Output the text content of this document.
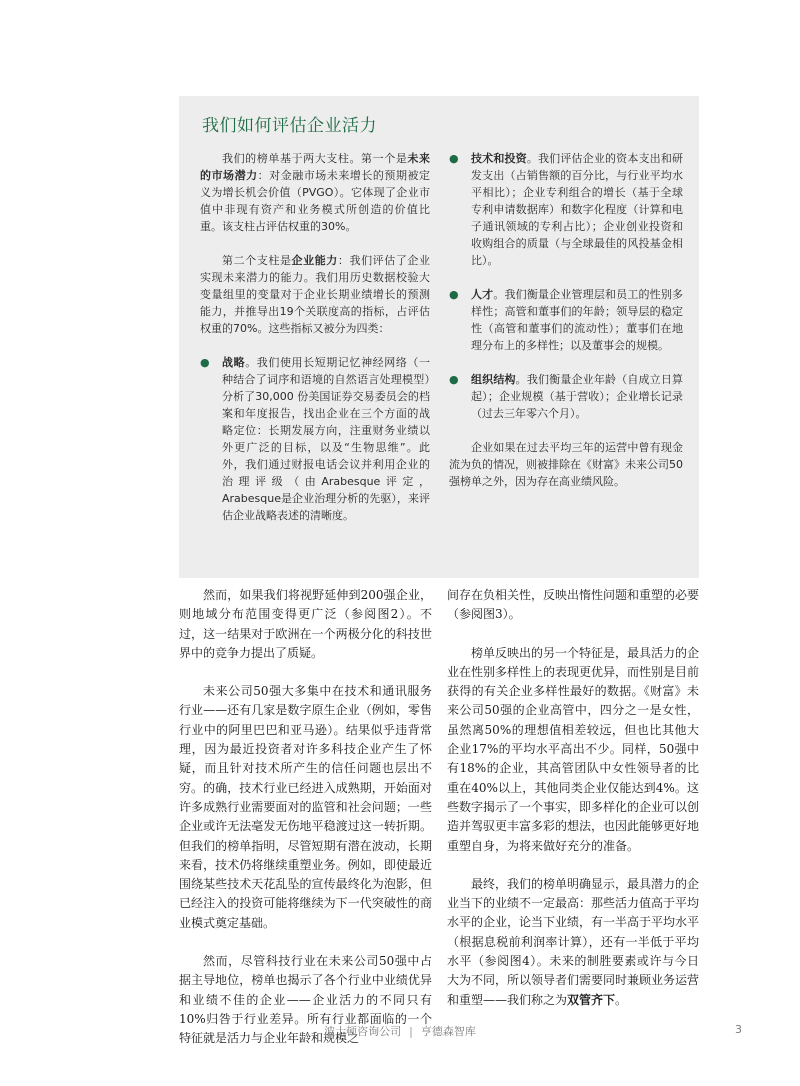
我们如何评估企业活力

我们的榜单基于两大支柱。第一个是未来的市场潜力：对金融市场未来增长的预期被定义为增长机会价值（PVGO）。它体现了企业市值中非现有资产和业务模式所创造的价值比重。该支柱占评估权重的30%。

第二个支柱是企业能力：我们评估了企业实现未来潜力的能力。我们用历史数据校验大变量组里的变量对于企业长期业绩增长的预测能力，并推导出19个关联度高的指标，占评估权重的70%。这些指标又被分为四类：

● 战略。我们使用长短期记忆神经网络（一种结合了词序和语境的自然语言处理模型）分析了30,000 份美国证券交易委员会的档案和年度报告，找出企业在三个方面的战略定位：长期发展方向，注重财务业绩以外更广泛的目标，以及“生物思维”。此外，我们通过财报电话会议并利用企业的治理评级（由Arabesque评定，Arabesque是企业治理分析的先驱），来评估企业战略表述的清晰度。
● 技术和投资。我们评估企业的资本支出和研发支出（占销售额的百分比，与行业平均水平相比）；企业专利组合的增长（基于全球专利申请数据库）和数字化程度（计算和电子通讯领域的专利占比）；企业创业投资和收购组合的质量（与全球最佳的风投基金相比）。
● 人才。我们衡量企业管理层和员工的性别多样性；高管和董事们的年龄；领导层的稳定性（高管和董事们的流动性）；董事们在地理分布上的多样性；以及董事会的规模。
● 组织结构。我们衡量企业年龄（自成立日算起）；企业规模（基于营收）；企业增长记录（过去三年零六个月）。

企业如果在过去平均三年的运营中曾有现金流为负的情况，则被排除在《财富》未来公司50强榜单之外，因为存在高业绩风险。

然而，如果我们将视野延伸到200强企业，则地域分布范围变得更广泛（参阅图2）。不过，这一结果对于欧洲在一个两极分化的科技世界中的竞争力提出了质疑。

未来公司50强大多集中在技术和通讯服务行业——还有几家是数字原生企业（例如，零售行业中的阿里巴巴和亚马逊）。结果似乎违背常理，因为最近投资者对许多科技企业产生了怀疑，而且针对技术所产生的信任问题也层出不穷。的确，技术行业已经进入成熟期，开始面对许多成熟行业需要面对的监管和社会问题；一些企业或许无法毫发无伤地平稳渡过这一转折期。但我们的榜单指明，尽管短期有潜在波动，长期来看，技术仍将继续重塑业务。例如，即使最近围绕某些技术天花乱坠的宣传最终化为泡影，但已经注入的投资可能将继续为下一代突破性的商业模式奠定基础。

然而，尽管科技行业在未来公司50强中占据主导地位，榜单也揭示了各个行业中业绩优异和业绩不佳的企业——企业活力的不同只有10%归咎于行业差异。所有行业都面临的一个特征就是活力与企业年龄和规模之

间存在负相关性，反映出惰性问题和重塑的必要（参阅图3）。

榜单反映出的另一个特征是，最具活力的企业在性别多样性上的表现更优异，而性别是目前获得的有关企业多样性最好的数据。《财富》未来公司50强的企业高管中，四分之一是女性，虽然离50%的理想值相差较远，但也比其他大企业17%的平均水平高出不少。同样，50强中有18%的企业，其高管团队中女性领导者的比重在40%以上，其他同类企业仅能达到4%。这些数字揭示了一个事实，即多样化的企业可以创造并驾驭更丰富多彩的想法，也因此能够更好地重塑自身，为将来做好充分的准备。

最终，我们的榜单明确显示，最具潜力的企业当下的业绩不一定最高：那些活力值高于平均水平的企业，论当下业绩，有一半高于平均水平（根据息税前利润率计算），还有一半低于平均水平（参阅图4）。未来的制胜要素或许与今日大为不同，所以领导者们需要同时兼顾业务运营和重塑——我们称之为双管齐下。

波士顿咨询公司 | 亨德森智库	3
